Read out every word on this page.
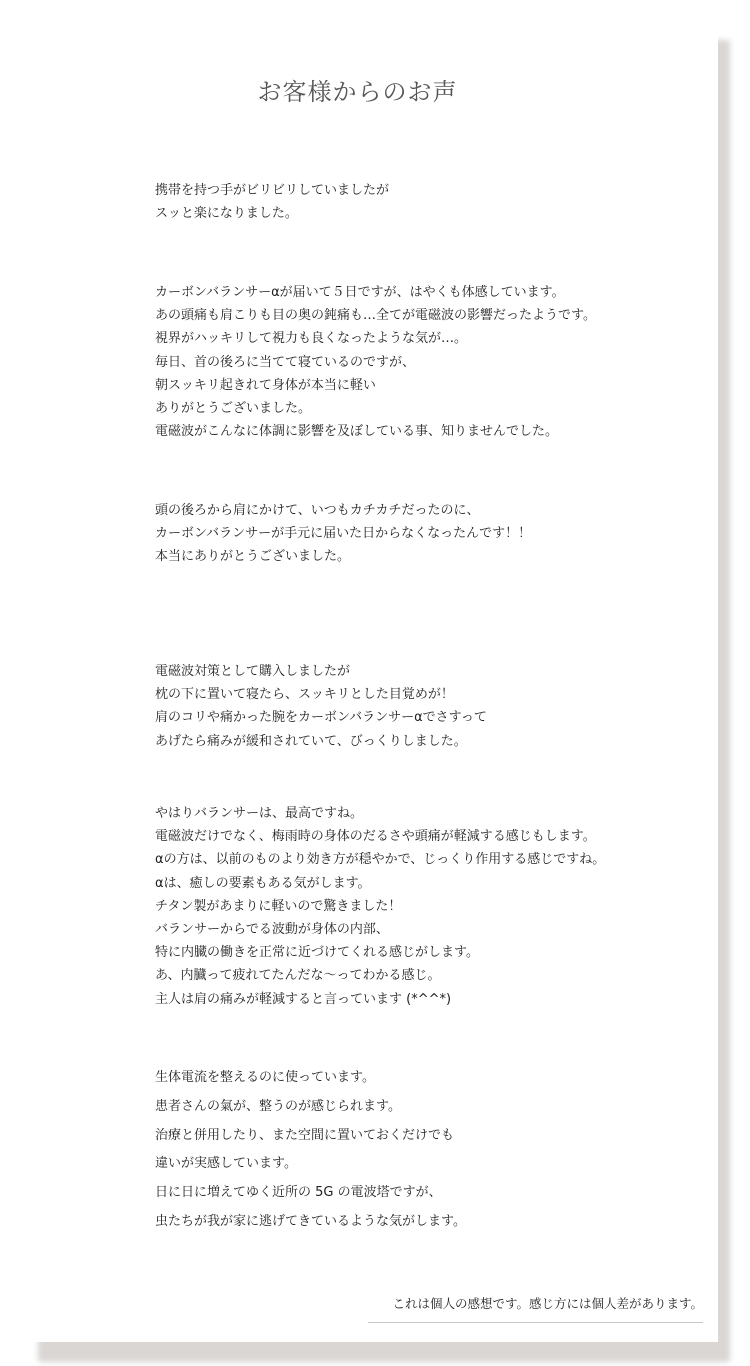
お客様からのお声
携帯を持つ手がビリビリしていましたが
スッと楽になりました。
カーボンバランサーαが届いて５日ですが、はやくも体感しています。
あの頭痛も肩こりも目の奥の鈍痛も…全てが電磁波の影響だったようです。
視界がハッキリして視力も良くなったような気が…。
毎日、首の後ろに当てて寝ているのですが、
朝スッキリ起きれて身体が本当に軽い
ありがとうございました。
電磁波がこんなに体調に影響を及ぼしている事、知りませんでした。
頭の後ろから肩にかけて、いつもカチカチだったのに、
カーボンバランサーが手元に届いた日からなくなったんです！！
本当にありがとうございました。
電磁波対策として購入しましたが
枕の下に置いて寝たら、スッキリとした目覚めが！
肩のコリや痛かった腕をカーボンバランサーαでさすって
あげたら痛みが緩和されていて、びっくりしました。
やはりバランサーは、最高ですね。
電磁波だけでなく、梅雨時の身体のだるさや頭痛が軽減する感じもします。
αの方は、以前のものより効き方が穏やかで、じっくり作用する感じですね。
αは、癒しの要素もある気がします。
チタン製があまりに軽いので驚きました！
バランサーからでる波動が身体の内部、
特に内臓の働きを正常に近づけてくれる感じがします。
あ、内臓って疲れてたんだな〜ってわかる感じ。
主人は肩の痛みが軽減すると言っています (*^^*)
生体電流を整えるのに使っています。
患者さんの氣が、整うのが感じられます。
治療と併用したり、また空間に置いておくだけでも
違いが実感しています。
日に日に増えてゆく近所の 5G の電波塔ですが、
虫たちが我が家に逃げてきているような気がします。
これは個人の感想です。感じ方には個人差があります。
